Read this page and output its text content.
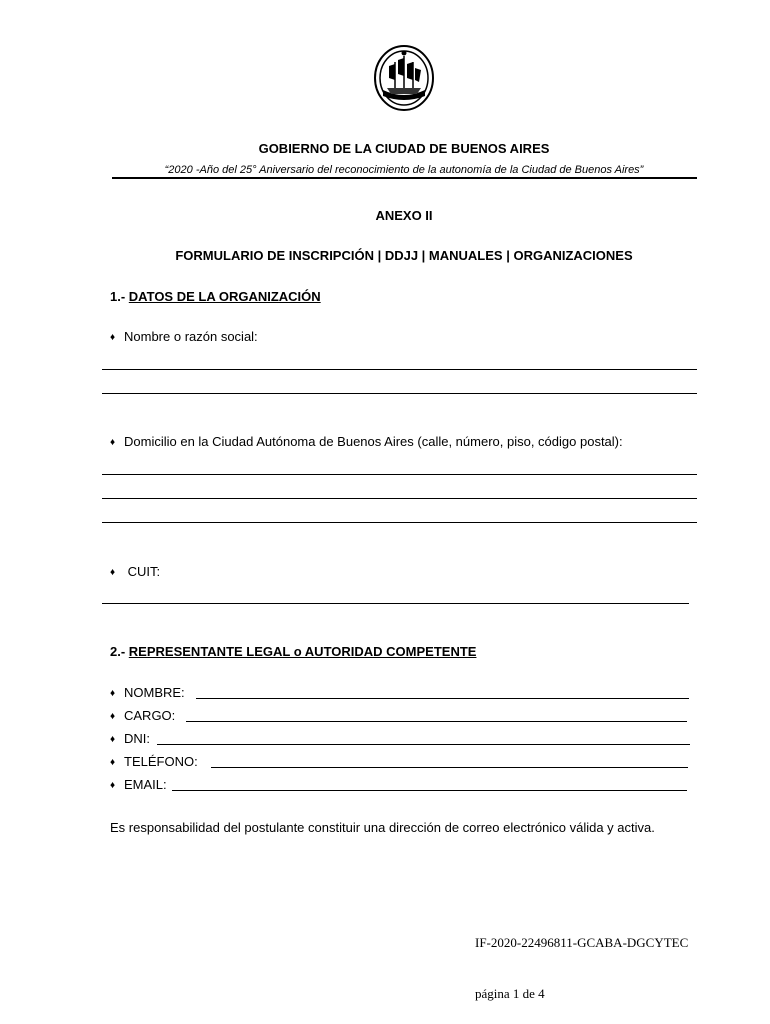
GOBIERNO DE LA CIUDAD DE BUENOS AIRES
“2020 -Año del 25° Aniversario del reconocimiento de la autonomía de la Ciudad de Buenos Aires”
ANEXO II
FORMULARIO DE INSCRIPCIÓN | DDJJ | MANUALES | ORGANIZACIONES
1.- DATOS DE LA ORGANIZACIÓN
♦ Nombre o razón social:
♦ Domicilio en la Ciudad Autónoma de Buenos Aires (calle, número, piso, código postal):
♦ CUIT:
2.- REPRESENTANTE LEGAL o AUTORIDAD COMPETENTE
♦ NOMBRE:
♦ CARGO:
♦ DNI:
♦ TELÉFONO:
♦ EMAIL:
Es responsabilidad del postulante constituir una dirección de correo electrónico válida y activa.
IF-2020-22496811-GCABA-DGCYTEC
página 1 de 4
